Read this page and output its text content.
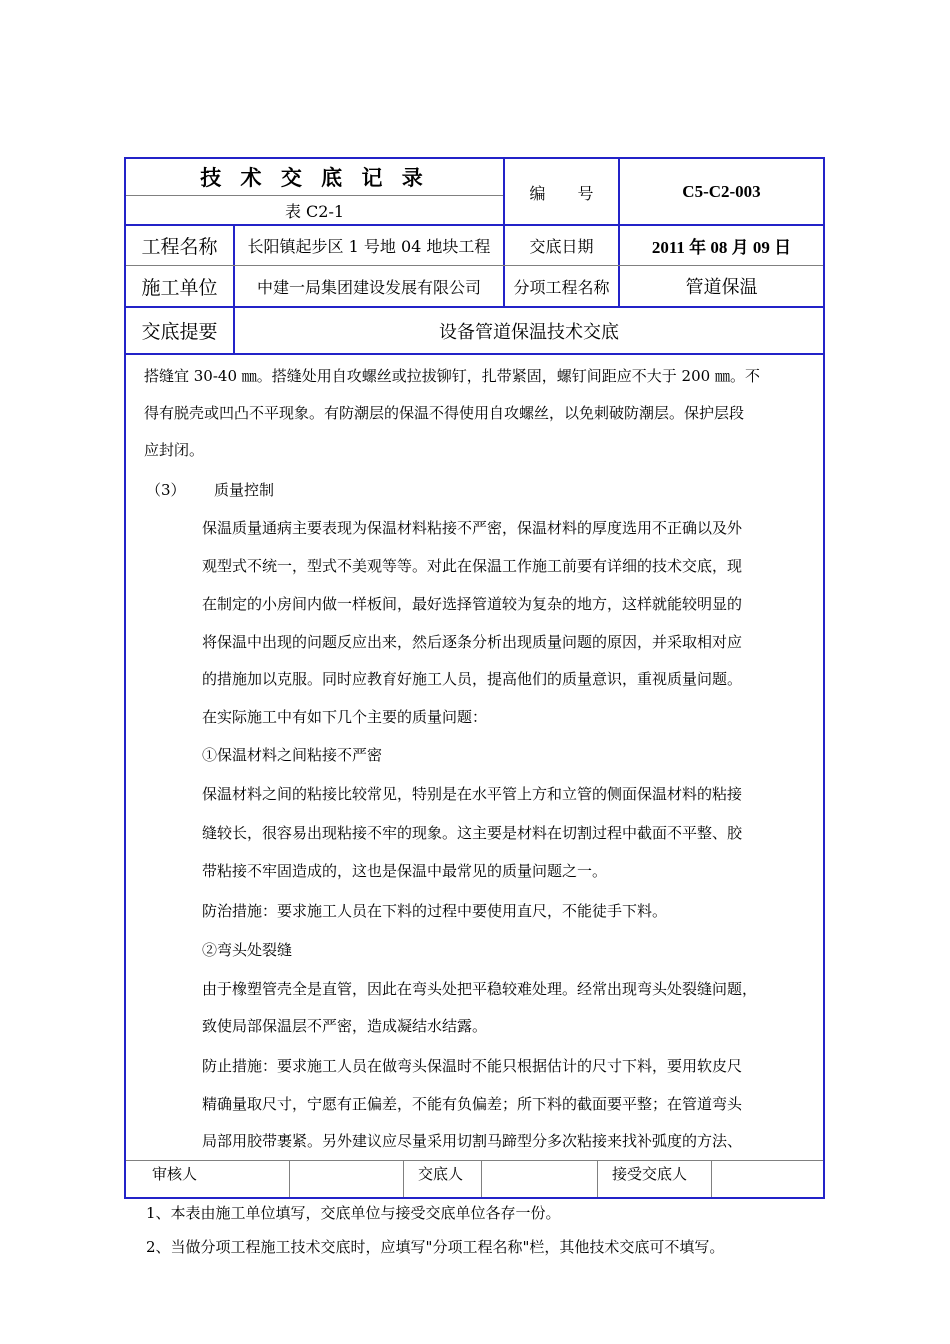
技 术 交 底 记 录
表 C2-1
编　　号	C5-C2-003
工程名称	长阳镇起步区 1 号地 04 地块工程	交底日期	2011 年 08 月 09 日
施工单位	中建一局集团建设发展有限公司	分项工程名称	管道保温
交底提要	设备管道保温技术交底
搭缝宜 30-40 ㎜。搭缝处用自攻螺丝或拉拔铆钉，扎带紧固，螺钉间距应不大于 200 ㎜。不
得有脱壳或凹凸不平现象。有防潮层的保温不得使用自攻螺丝，以免刺破防潮层。保护层段
应封闭。
（3） 质量控制
保温质量通病主要表现为保温材料粘接不严密，保温材料的厚度选用不正确以及外
观型式不统一，型式不美观等等。对此在保温工作施工前要有详细的技术交底，现
在制定的小房间内做一样板间，最好选择管道较为复杂的地方，这样就能较明显的
将保温中出现的问题反应出来，然后逐条分析出现质量问题的原因，并采取相对应
的措施加以克服。同时应教育好施工人员，提高他们的质量意识，重视质量问题。
在实际施工中有如下几个主要的质量问题：
①保温材料之间粘接不严密
保温材料之间的粘接比较常见，特别是在水平管上方和立管的侧面保温材料的粘接
缝较长，很容易出现粘接不牢的现象。这主要是材料在切割过程中截面不平整、胶
带粘接不牢固造成的，这也是保温中最常见的质量问题之一。
防治措施：要求施工人员在下料的过程中要使用直尺，不能徒手下料。
②弯头处裂缝
由于橡塑管壳全是直管，因此在弯头处把平稳较难处理。经常出现弯头处裂缝问题，
致使局部保温层不严密，造成凝结水结露。
防止措施：要求施工人员在做弯头保温时不能只根据估计的尺寸下料，要用软皮尺
精确量取尺寸，宁愿有正偏差，不能有负偏差；所下料的截面要平整；在管道弯头
局部用胶带裹紧。另外建议应尽量采用切割马蹄型分多次粘接来找补弧度的方法、
审核人	交底人	接受交底人
1、本表由施工单位填写，交底单位与接受交底单位各存一份。
2、当做分项工程施工技术交底时，应填写"分项工程名称"栏，其他技术交底可不填写。
